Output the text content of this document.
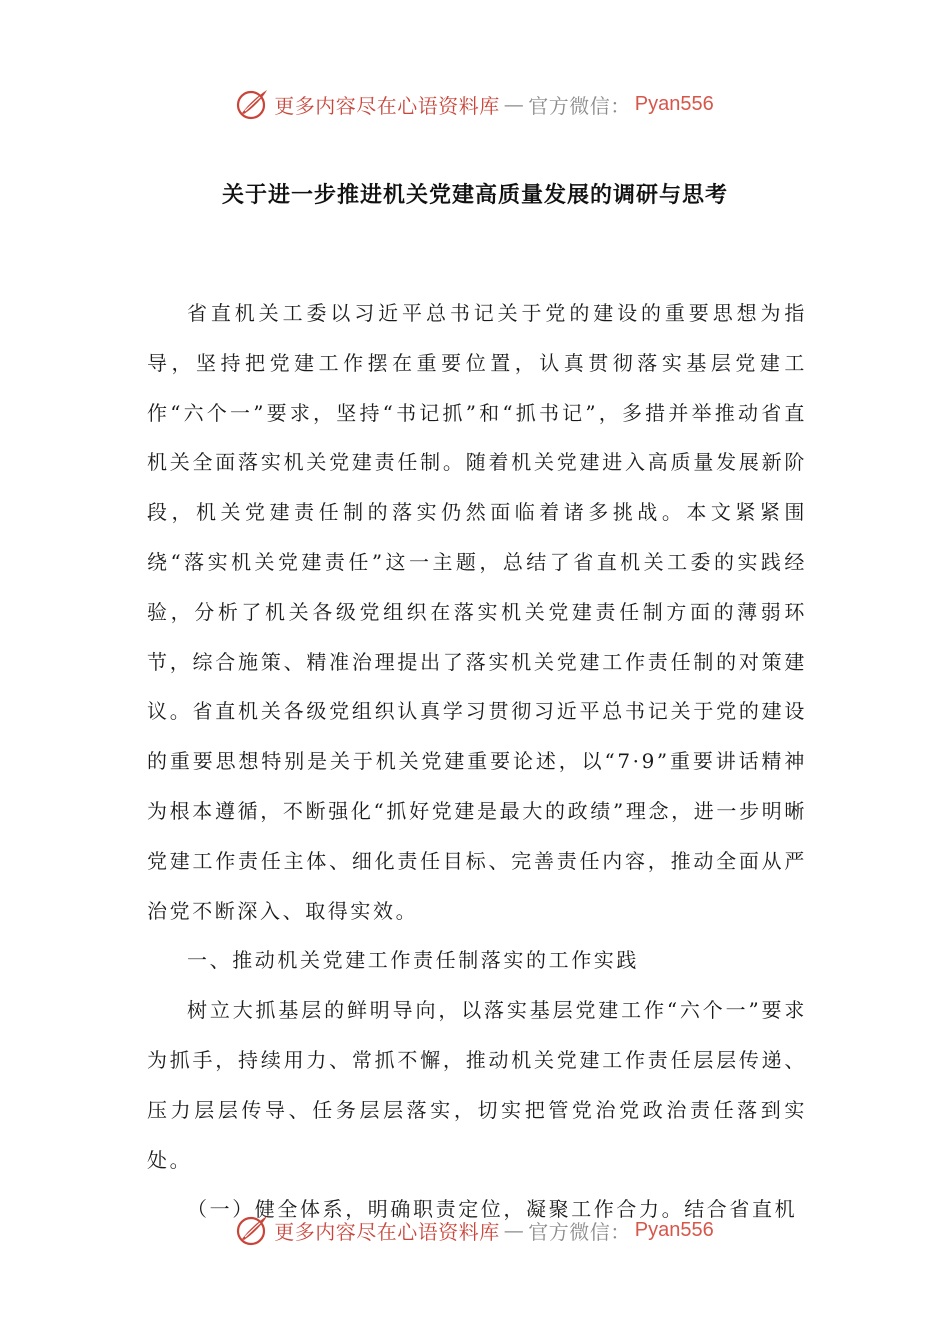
更多内容尽在心语资料库 — 官方微信： Pyan556
关于进一步推进机关党建高质量发展的调研与思考

省直机关工委以习近平总书记关于党的建设的重要思想为指导，坚持把党建工作摆在重要位置，认真贯彻落实基层党建工作“六个一”要求，坚持“书记抓”和“抓书记”，多措并举推动省直机关全面落实机关党建责任制。随着机关党建进入高质量发展新阶段，机关党建责任制的落实仍然面临着诸多挑战。本文紧紧围绕“落实机关党建责任”这一主题，总结了省直机关工委的实践经验，分析了机关各级党组织在落实机关党建责任制方面的薄弱环节，综合施策、精准治理提出了落实机关党建工作责任制的对策建议。省直机关各级党组织认真学习贯彻习近平总书记关于党的建设的重要思想特别是关于机关党建重要论述，以“7·9”重要讲话精神为根本遵循，不断强化“抓好党建是最大的政绩”理念，进一步明晰党建工作责任主体、细化责任目标、完善责任内容，推动全面从严治党不断深入、取得实效。

一、推动机关党建工作责任制落实的工作实践

树立大抓基层的鲜明导向，以落实基层党建工作“六个一”要求为抓手，持续用力、常抓不懈，推动机关党建工作责任层层传递、压力层层传导、任务层层落实，切实把管党治党政治责任落到实处。

（一）健全体系，明确职责定位，凝聚工作合力。结合省直机

更多内容尽在心语资料库 — 官方微信： Pyan556
